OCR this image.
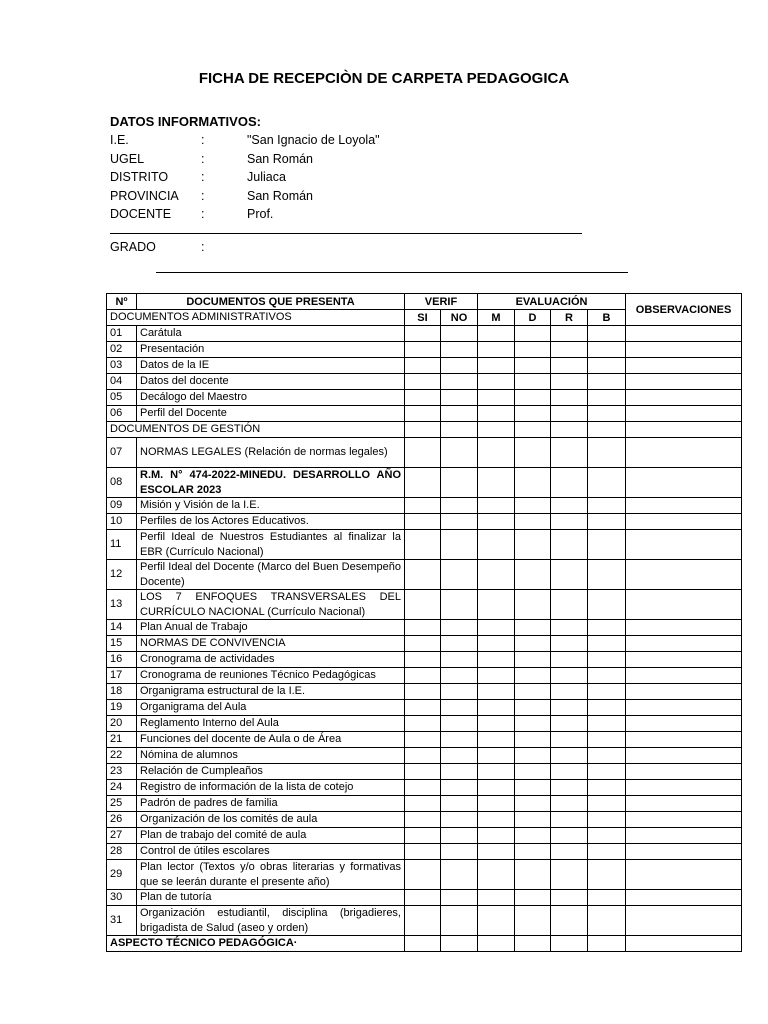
FICHA DE RECEPCIÒN DE CARPETA PEDAGOGICA
DATOS INFORMATIVOS:
I.E.	:	"San Ignacio de Loyola"
UGEL	:	San Román
DISTRITO	:	Juliaca
PROVINCIA :	San Román
DOCENTE :	Prof.
GRADO	:
Nº	DOCUMENTOS QUE PRESENTA	VERIF		EVALUACIÓN				OBSERVACIONES
DOCUMENTOS ADMINISTRATIVOS		SI	NO	M	D	R	B	
01	Carátula							
02	Presentación							
03	Datos de la IE							
04	Datos del docente							
05	Decálogo del Maestro							
06	Perfil del Docente							
DOCUMENTOS DE GESTIÓN								
07	NORMAS LEGALES (Relación de normas legales)							
08	R.M. N° 474-2022-MINEDU. DESARROLLO AÑO ESCOLAR 2023							
09	Misión y Visión de la I.E.							
10	Perfiles de los Actores Educativos.							
11	Perfil Ideal de Nuestros Estudiantes al finalizar la EBR (Currículo Nacional)							
12	Perfil Ideal del Docente (Marco del Buen Desempeño Docente)							
13	LOS 7 ENFOQUES TRANSVERSALES DEL CURRÍCULO NACIONAL (Currículo Nacional)							
14	Plan Anual de Trabajo							
15	NORMAS DE CONVIVENCIA							
16	Cronograma de actividades							
17	Cronograma de reuniones Técnico Pedagógicas							
18	Organigrama estructural de la I.E.							
19	Organigrama del Aula							
20	Reglamento Interno del Aula							
21	Funciones del docente de Aula o de Área							
22	Nómina de alumnos							
23	Relación de Cumpleaños							
24	Registro de información de la lista de cotejo							
25	Padrón de padres de familia							
26	Organización de los comités de aula							
27	Plan de trabajo del comité de aula							
28	Control de útiles escolares							
29	Plan lector (Textos y/o obras literarias y formativas que se leerán durante el presente año)							
30	Plan de tutoría							
31	Organización estudiantil, disciplina (brigadieres, brigadista de Salud (aseo y orden)							
ASPECTO TÉCNICO PEDAGÓGICA·								
